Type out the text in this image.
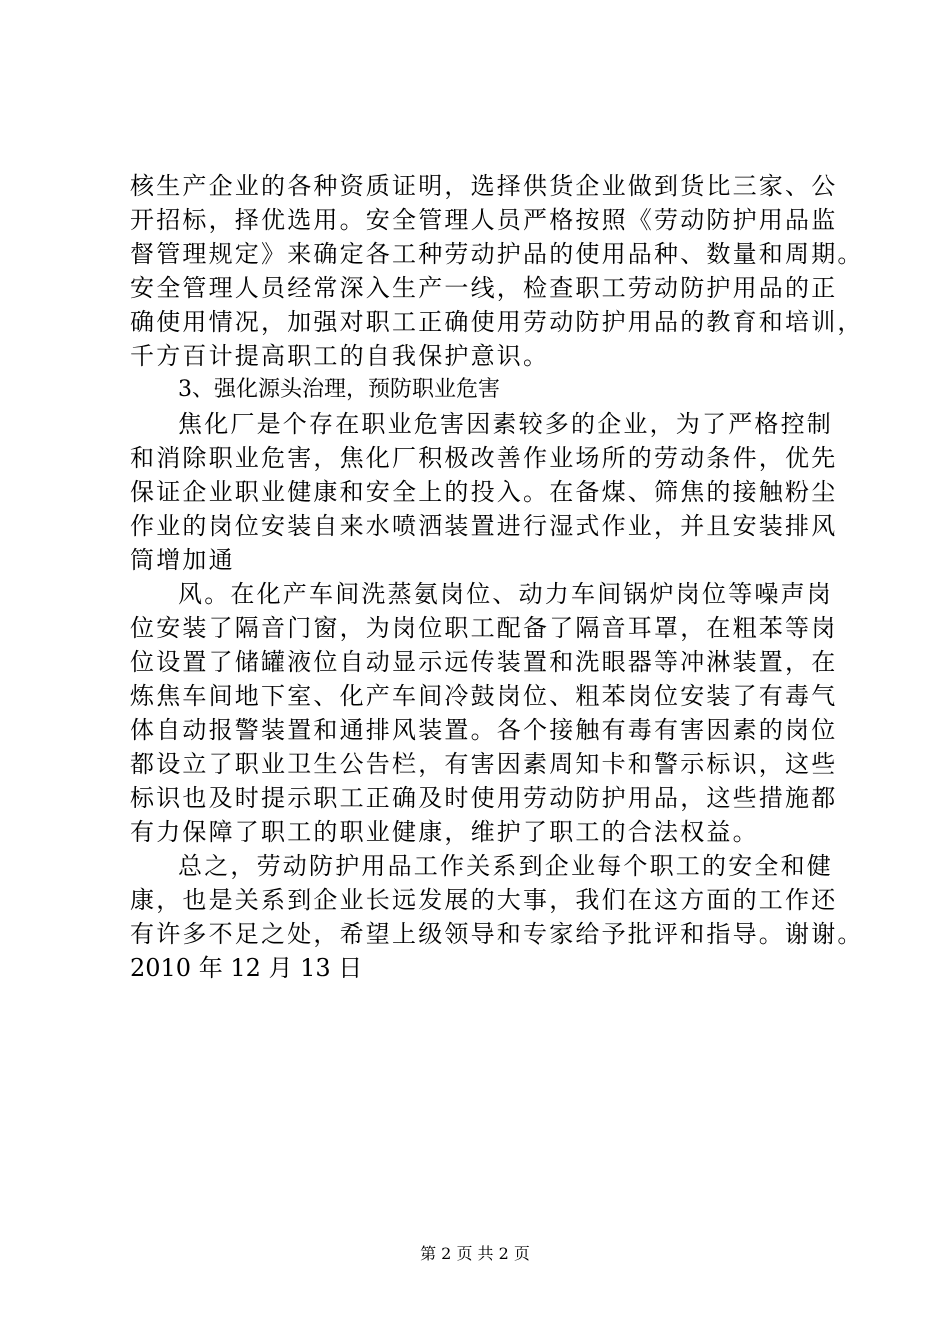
核生产企业的各种资质证明，选择供货企业做到货比三家、公
开招标，择优选用。安全管理人员严格按照《劳动防护用品监
督管理规定》来确定各工种劳动护品的使用品种、数量和周期。
安全管理人员经常深入生产一线，检查职工劳动防护用品的正
确使用情况，加强对职工正确使用劳动防护用品的教育和培训，
千方百计提高职工的自我保护意识。
3、强化源头治理，预防职业危害
焦化厂是个存在职业危害因素较多的企业，为了严格控制
和消除职业危害，焦化厂积极改善作业场所的劳动条件，优先
保证企业职业健康和安全上的投入。在备煤、筛焦的接触粉尘
作业的岗位安装自来水喷洒装置进行湿式作业，并且安装排风
筒增加通
风。在化产车间洗蒸氨岗位、动力车间锅炉岗位等噪声岗
位安装了隔音门窗，为岗位职工配备了隔音耳罩，在粗苯等岗
位设置了储罐液位自动显示远传装置和洗眼器等冲淋装置，在
炼焦车间地下室、化产车间冷鼓岗位、粗苯岗位安装了有毒气
体自动报警装置和通排风装置。各个接触有毒有害因素的岗位
都设立了职业卫生公告栏，有害因素周知卡和警示标识，这些
标识也及时提示职工正确及时使用劳动防护用品，这些措施都
有力保障了职工的职业健康，维护了职工的合法权益。
总之，劳动防护用品工作关系到企业每个职工的安全和健
康，也是关系到企业长远发展的大事，我们在这方面的工作还
有许多不足之处，希望上级领导和专家给予批评和指导。谢谢。
2010 年 12 月 13 日
第 2 页 共 2 页
